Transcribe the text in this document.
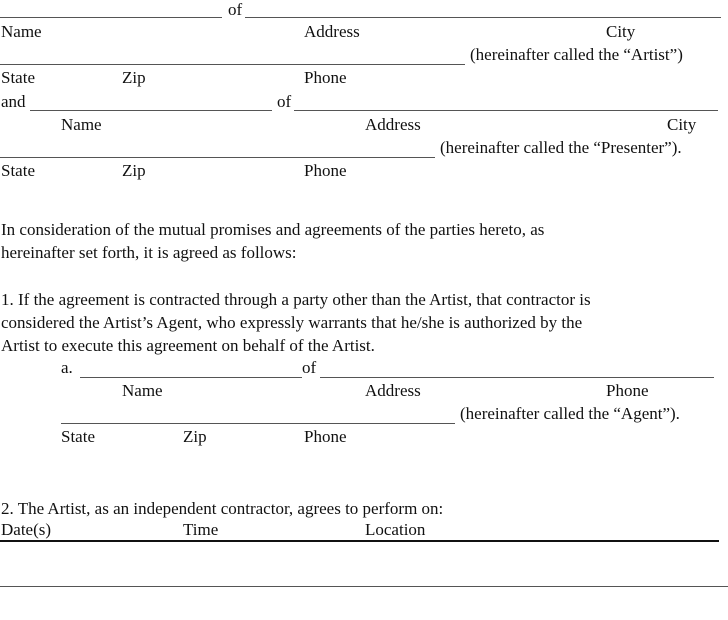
of
Name	Address	City
(hereinafter called the “Artist”)
State	Zip	Phone
and	of
Name	Address	City
(hereinafter called the “Presenter”).
State	Zip	Phone
In consideration of the mutual promises and agreements of the parties hereto, as
hereinafter set forth, it is agreed as follows:
1. If the agreement is contracted through a party other than the Artist, that contractor is
considered the Artist’s Agent, who expressly warrants that he/she is authorized by the
Artist to execute this agreement on behalf of the Artist.
a.	of
Name	Address	Phone
(hereinafter called the “Agent”).
State	Zip	Phone
2. The Artist, as an independent contractor, agrees to perform on:
Date(s)	Time	Location
